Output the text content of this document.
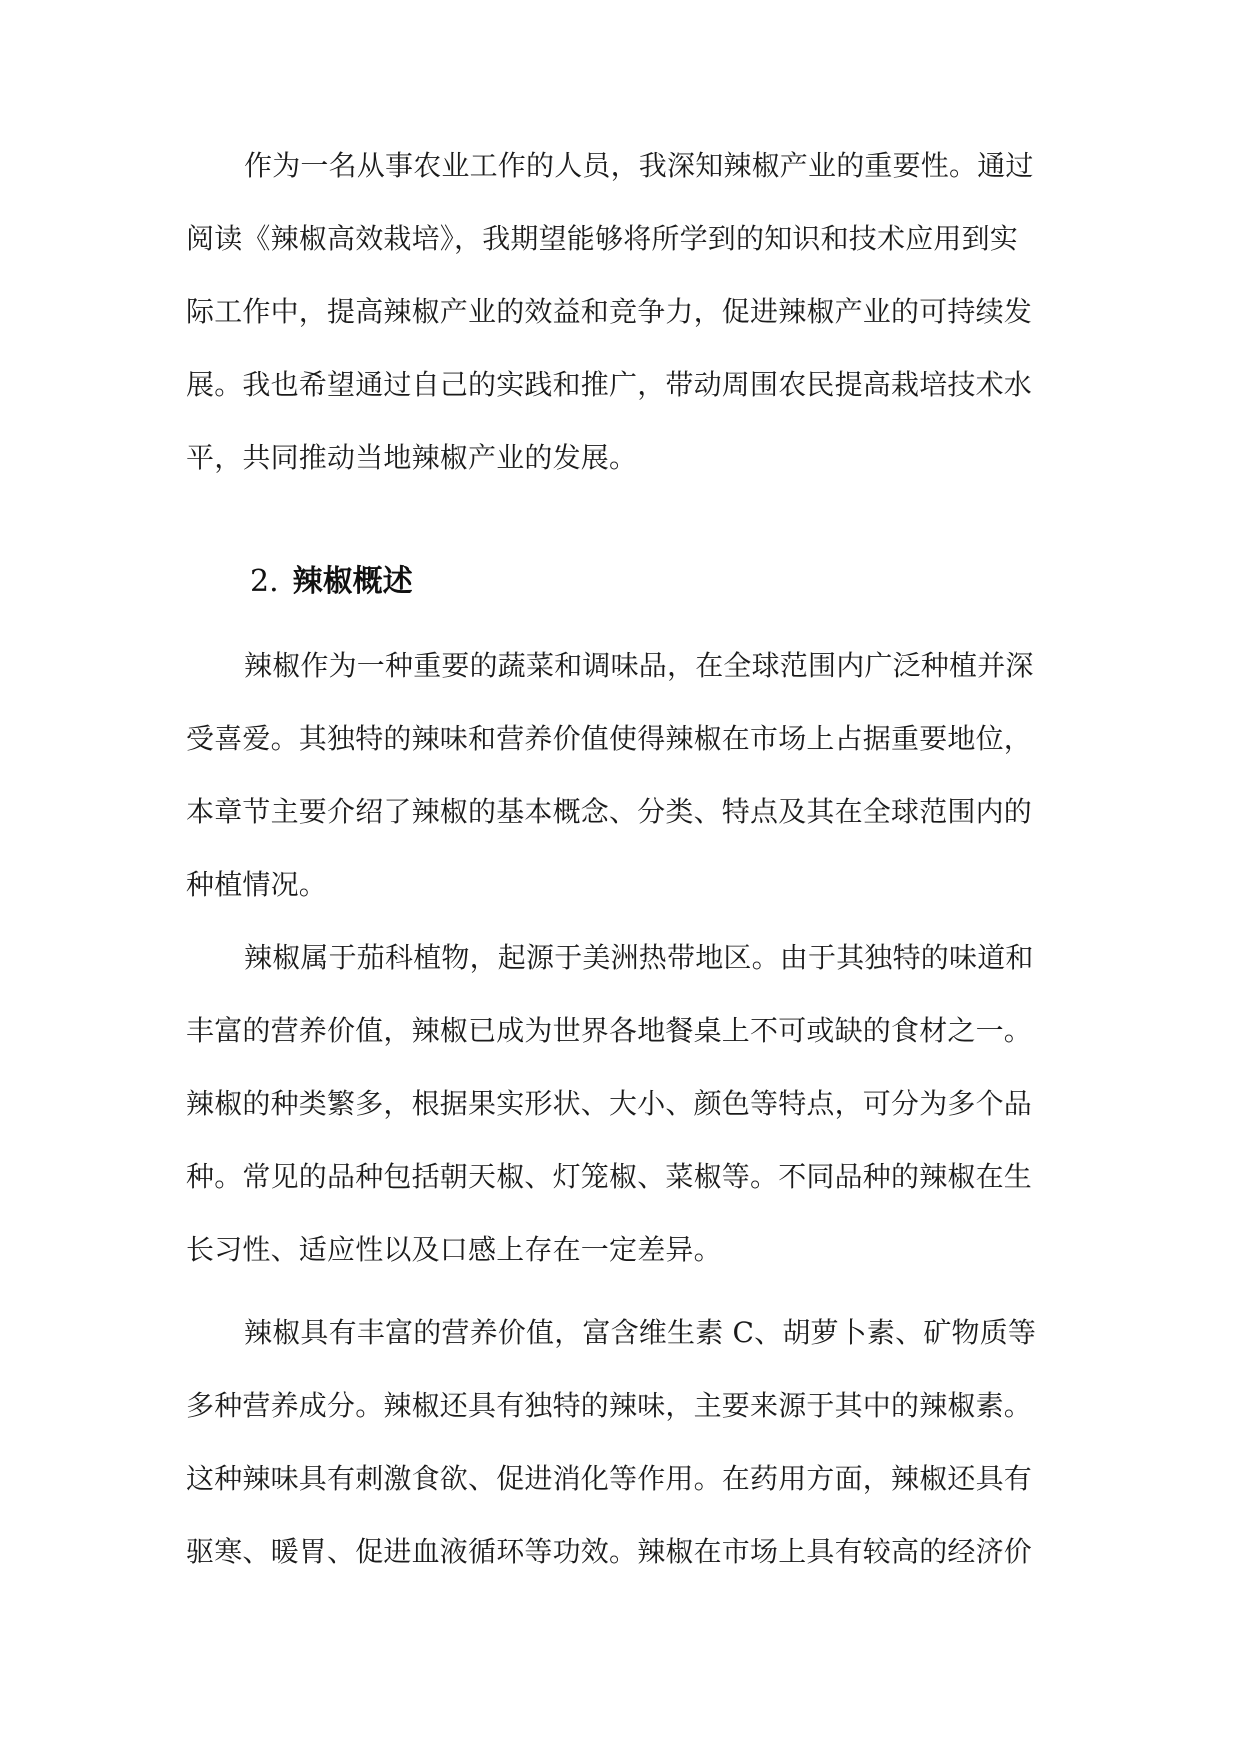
作为一名从事农业工作的人员，我深知辣椒产业的重要性。通过

阅读《辣椒高效栽培》，我期望能够将所学到的知识和技术应用到实

际工作中，提高辣椒产业的效益和竞争力，促进辣椒产业的可持续发

展。我也希望通过自己的实践和推广，带动周围农民提高栽培技术水

平，共同推动当地辣椒产业的发展。

2. 辣椒概述

辣椒作为一种重要的蔬菜和调味品，在全球范围内广泛种植并深

受喜爱。其独特的辣味和营养价值使得辣椒在市场上占据重要地位，

本章节主要介绍了辣椒的基本概念、分类、特点及其在全球范围内的

种植情况。

辣椒属于茄科植物，起源于美洲热带地区。由于其独特的味道和

丰富的营养价值，辣椒已成为世界各地餐桌上不可或缺的食材之一。

辣椒的种类繁多，根据果实形状、大小、颜色等特点，可分为多个品

种。常见的品种包括朝天椒、灯笼椒、菜椒等。不同品种的辣椒在生

长习性、适应性以及口感上存在一定差异。

辣椒具有丰富的营养价值，富含维生素 C、胡萝卜素、矿物质等

多种营养成分。辣椒还具有独特的辣味，主要来源于其中的辣椒素。

这种辣味具有刺激食欲、促进消化等作用。在药用方面，辣椒还具有

驱寒、暖胃、促进血液循环等功效。辣椒在市场上具有较高的经济价
